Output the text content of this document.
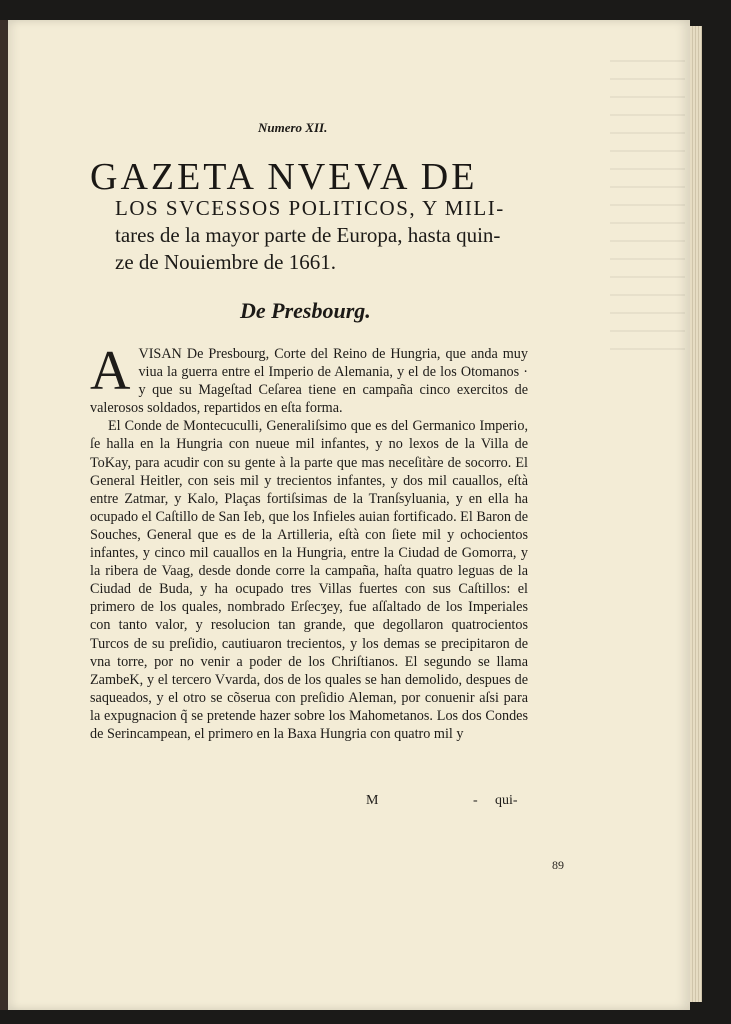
Numero XII.
GAZETA NVEVA DE
LOS SVCESSOS POLITICOS, Y MILI-
tares de la mayor parte de Europa, hasta quin-
ze de Nouiembre de 1661.
De Presbourg.

AVISAN De Presbourg, Corte del Reino de Hungria, que anda muy viua la guerra entre el Imperio de Alemania, y el de los Otomanos · y que su Mageſtad Ceſarea tiene en campaña cinco exercitos de valerosos soldados, repartidos en eſta forma.

El Conde de Montecuculli, Generaliſsimo que es del Germanico Imperio, ſe halla en la Hungria con nueue mil infantes, y no lexos de la Villa de ToKay, para acudir con su gente à la parte que mas neceſitàre de socorro. El General Heitler, con seis mil y trecientos infantes, y dos mil cauallos, eſtà entre Zatmar, y Kalo, Plaças fortiſsimas de la Tranſsyluania, y en ella ha ocupado el Caſtillo de San Ieb, que los Infieles auian fortificado. El Baron de Souches, General que es de la Artilleria, eſtà con ſiete mil y ochocientos infantes, y cinco mil cauallos en la Hungria, entre la Ciudad de Gomorra, y la ribera de Vaag, desde donde corre la campaña, haſta quatro leguas de la Ciudad de Buda, y ha ocupado tres Villas fuertes con sus Caſtillos: el primero de los quales, nombrado Erſecʒey, fue aſſaltado de los Imperiales con tanto valor, y resolucion tan grande, que degollaron quatrocientos Turcos de su preſidio, cautiuaron trecientos, y los demas se precipitaron de vna torre, por no venir a poder de los Chriſtianos. El segundo se llama ZambeK, y el tercero Vvarda, dos de los quales se han demolido, despues de saqueados, y el otro se cõserua con preſidio Aleman, por conuenir aſsi para la expugnacion q̃ se pretende hazer sobre los Mahometanos. Los dos Condes de Serincampean, el primero en la Baxa Hungria con quatro mil y

M	- qui-
89
